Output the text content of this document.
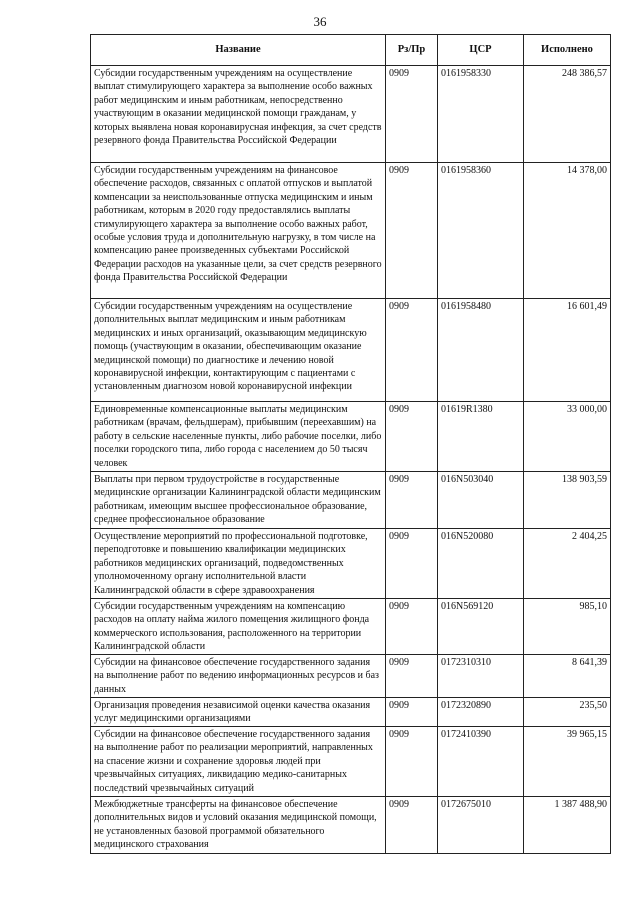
36
Название	Рз/Пр	ЦСР	Исполнено
Субсидии государственным учреждениям на осуществление выплат стимулирующего характера за выполнение особо важных работ медицинским и иным работникам, непосредственно участвующим в оказании медицинской помощи гражданам, у которых выявлена новая коронавирусная инфекция, за счет средств резервного фонда Правительства Российской Федерации	0909	0161958330	248 386,57
Субсидии государственным учреждениям на финансовое обеспечение расходов, связанных с оплатой отпусков и выплатой компенсации за неиспользованные отпуска медицинским и иным работникам, которым в 2020 году предоставлялись выплаты стимулирующего характера за выполнение особо важных работ, особые условия труда и дополнительную нагрузку, в том числе на компенсацию ранее произведенных субъектами Российской Федерации расходов на указанные цели, за счет средств резервного фонда Правительства Российской Федерации	0909	0161958360	14 378,00
Субсидии государственным учреждениям на осуществление дополнительных выплат медицинским и иным работникам медицинских и иных организаций, оказывающим медицинскую помощь (участвующим в оказании, обеспечивающим оказание медицинской помощи) по диагностике и лечению новой коронавирусной инфекции, контактирующим с пациентами с установленным диагнозом новой коронавирусной инфекции	0909	0161958480	16 601,49
Единовременные компенсационные выплаты медицинским работникам (врачам, фельдшерам), прибывшим (переехавшим) на работу в сельские населенные пункты, либо рабочие поселки, либо поселки городского типа, либо города с населением до 50 тысяч человек	0909	01619R1380	33 000,00
Выплаты при первом трудоустройстве в государственные медицинские организации Калининградской области медицинским работникам, имеющим высшее профессиональное образование, среднее профессиональное образование	0909	016N503040	138 903,59
Осуществление мероприятий по профессиональной подготовке, переподготовке и повышению квалификации медицинских работников медицинских организаций, подведомственных уполномоченному органу исполнительной власти Калининградской области в сфере здравоохранения	0909	016N520080	2 404,25
Субсидии государственным учреждениям на компенсацию расходов на оплату найма жилого помещения жилищного фонда коммерческого использования, расположенного на территории Калининградской области	0909	016N569120	985,10
Субсидии на финансовое обеспечение государственного задания на выполнение работ по ведению информационных ресурсов и баз данных	0909	0172310310	8 641,39
Организация проведения независимой оценки качества оказания услуг медицинскими организациями	0909	0172320890	235,50
Субсидии на финансовое обеспечение государственного задания на выполнение работ по реализации мероприятий, направленных на спасение жизни и сохранение здоровья людей при чрезвычайных ситуациях, ликвидацию медико-санитарных последствий чрезвычайных ситуаций	0909	0172410390	39 965,15
Межбюджетные трансферты на финансовое обеспечение дополнительных видов и условий оказания медицинской помощи, не установленных базовой программой обязательного медицинского страхования	0909	0172675010	1 387 488,90
